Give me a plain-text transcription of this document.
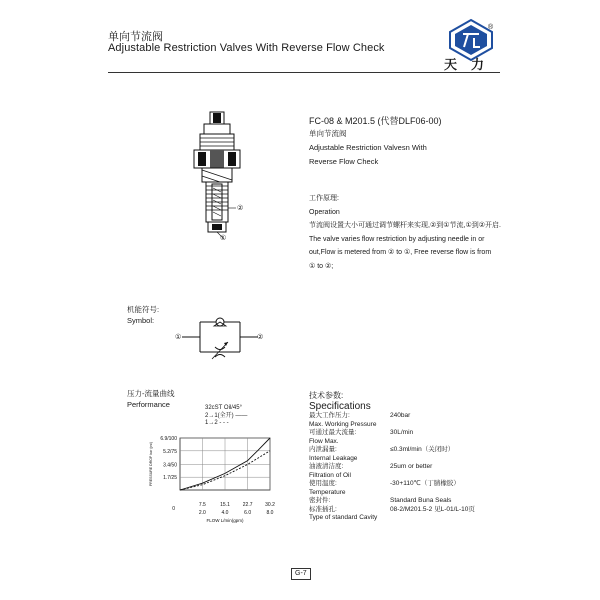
单向节流阀
Adjustable Restriction Valves With Reverse Flow Check
®
天力
②
①
FC-08 & M201.5 (代替DLF06-00)
单向节流阀
Adjustable Restriction Valvesn With
Reverse Flow Check
工作原理:
Operation
节流阀设置大小可通过调节螺杆来实现,②到①节流,①到②开启.
The valve varies flow restriction by adjusting needle in or
out,Flow is metered from ② to ①, Free reverse flow is from
① to ②;
机能符号:
Symbol:
①	②
压力-流量曲线
Performance	32cST Oil/45°
2→1(全开) ——
1→2 - - -
6.9/100
5.2/75
3.4/50
1.7/25
7.5
2.0
15.1
4.0
22.7
6.0
30.2
8.0
0
FLOW L/min(gpm)
PRESSURE DROP bar (psi)
技术参数:
Specifications
最大工作压力:	240bar
Max. Working Pressure
可通过最大流量:	30L/min
Flow Max.
内泄漏量:	≤0.3ml/min（关闭时）
Internal Leakage
油液清洁度:	25um or better
Filtration of Oil
使用温度:	-30+110℃（丁腈橡胶）
Temperature
密封件:	Standard Buna Seals
标准插孔:	08-2/M201.5-2 见L-01/L-10页
Type of standard Cavity
G-7
